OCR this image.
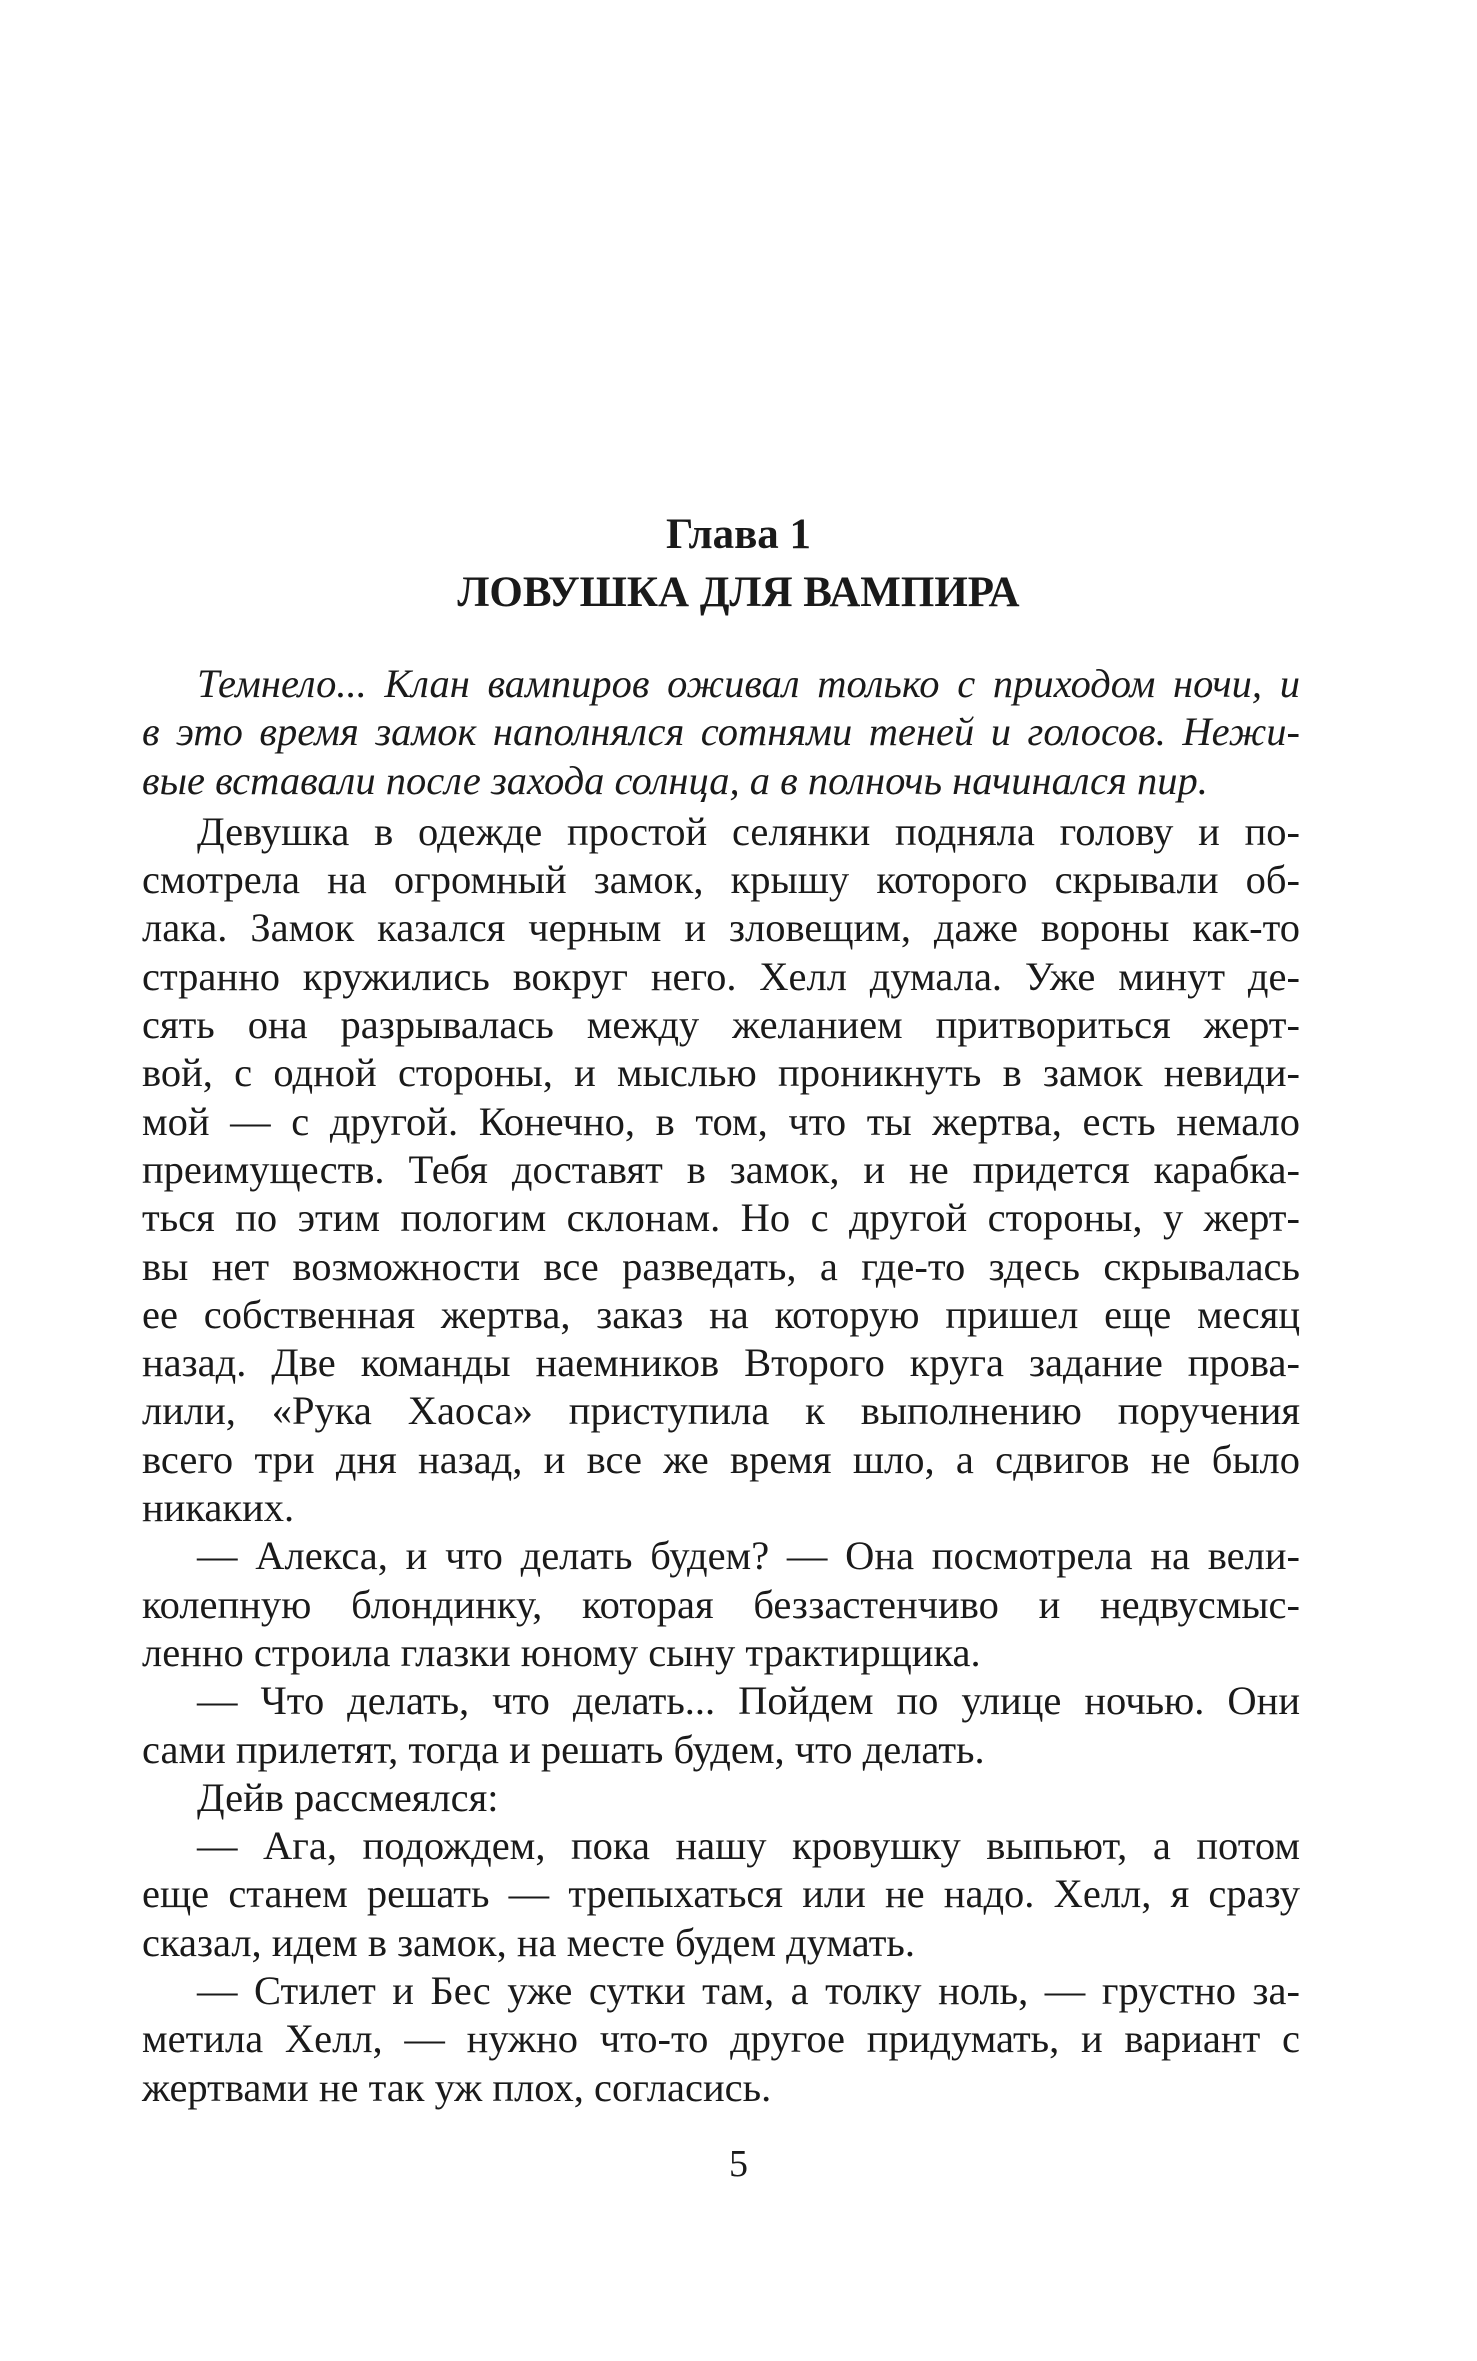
Глава 1
ЛОВУШКА ДЛЯ ВАМПИРА
Темнело... Клан вампиров оживал только с приходом ночи, и
в это время замок наполнялся сотнями теней и голосов. Нежи-
вые вставали после захода солнца, а в полночь начинался пир.
Девушка в одежде простой селянки подняла голову и по-
смотрела на огромный замок, крышу которого скрывали об-
лака. Замок казался черным и зловещим, даже вороны как-то
странно кружились вокруг него. Хелл думала. Уже минут де-
сять она разрывалась между желанием притвориться жерт-
вой, с одной стороны, и мыслью проникнуть в замок невиди-
мой — с другой. Конечно, в том, что ты жертва, есть немало
преимуществ. Тебя доставят в замок, и не придется карабка-
ться по этим пологим склонам. Но с другой стороны, у жерт-
вы нет возможности все разведать, а где-то здесь скрывалась
ее собственная жертва, заказ на которую пришел еще месяц
назад. Две команды наемников Второго круга задание прова-
лили, «Рука Хаоса» приступила к выполнению поручения
всего три дня назад, и все же время шло, а сдвигов не было
никаких.
— Алекса, и что делать будем? — Она посмотрела на вели-
колепную блондинку, которая беззастенчиво и недвусмыс-
ленно строила глазки юному сыну трактирщика.
— Что делать, что делать... Пойдем по улице ночью. Они
сами прилетят, тогда и решать будем, что делать.
Дейв рассмеялся:
— Ага, подождем, пока нашу кровушку выпьют, а потом
еще станем решать — трепыхаться или не надо. Хелл, я сразу
сказал, идем в замок, на месте будем думать.
— Стилет и Бес уже сутки там, а толку ноль, — грустно за-
метила Хелл, — нужно что-то другое придумать, и вариант с
жертвами не так уж плох, согласись.
5
